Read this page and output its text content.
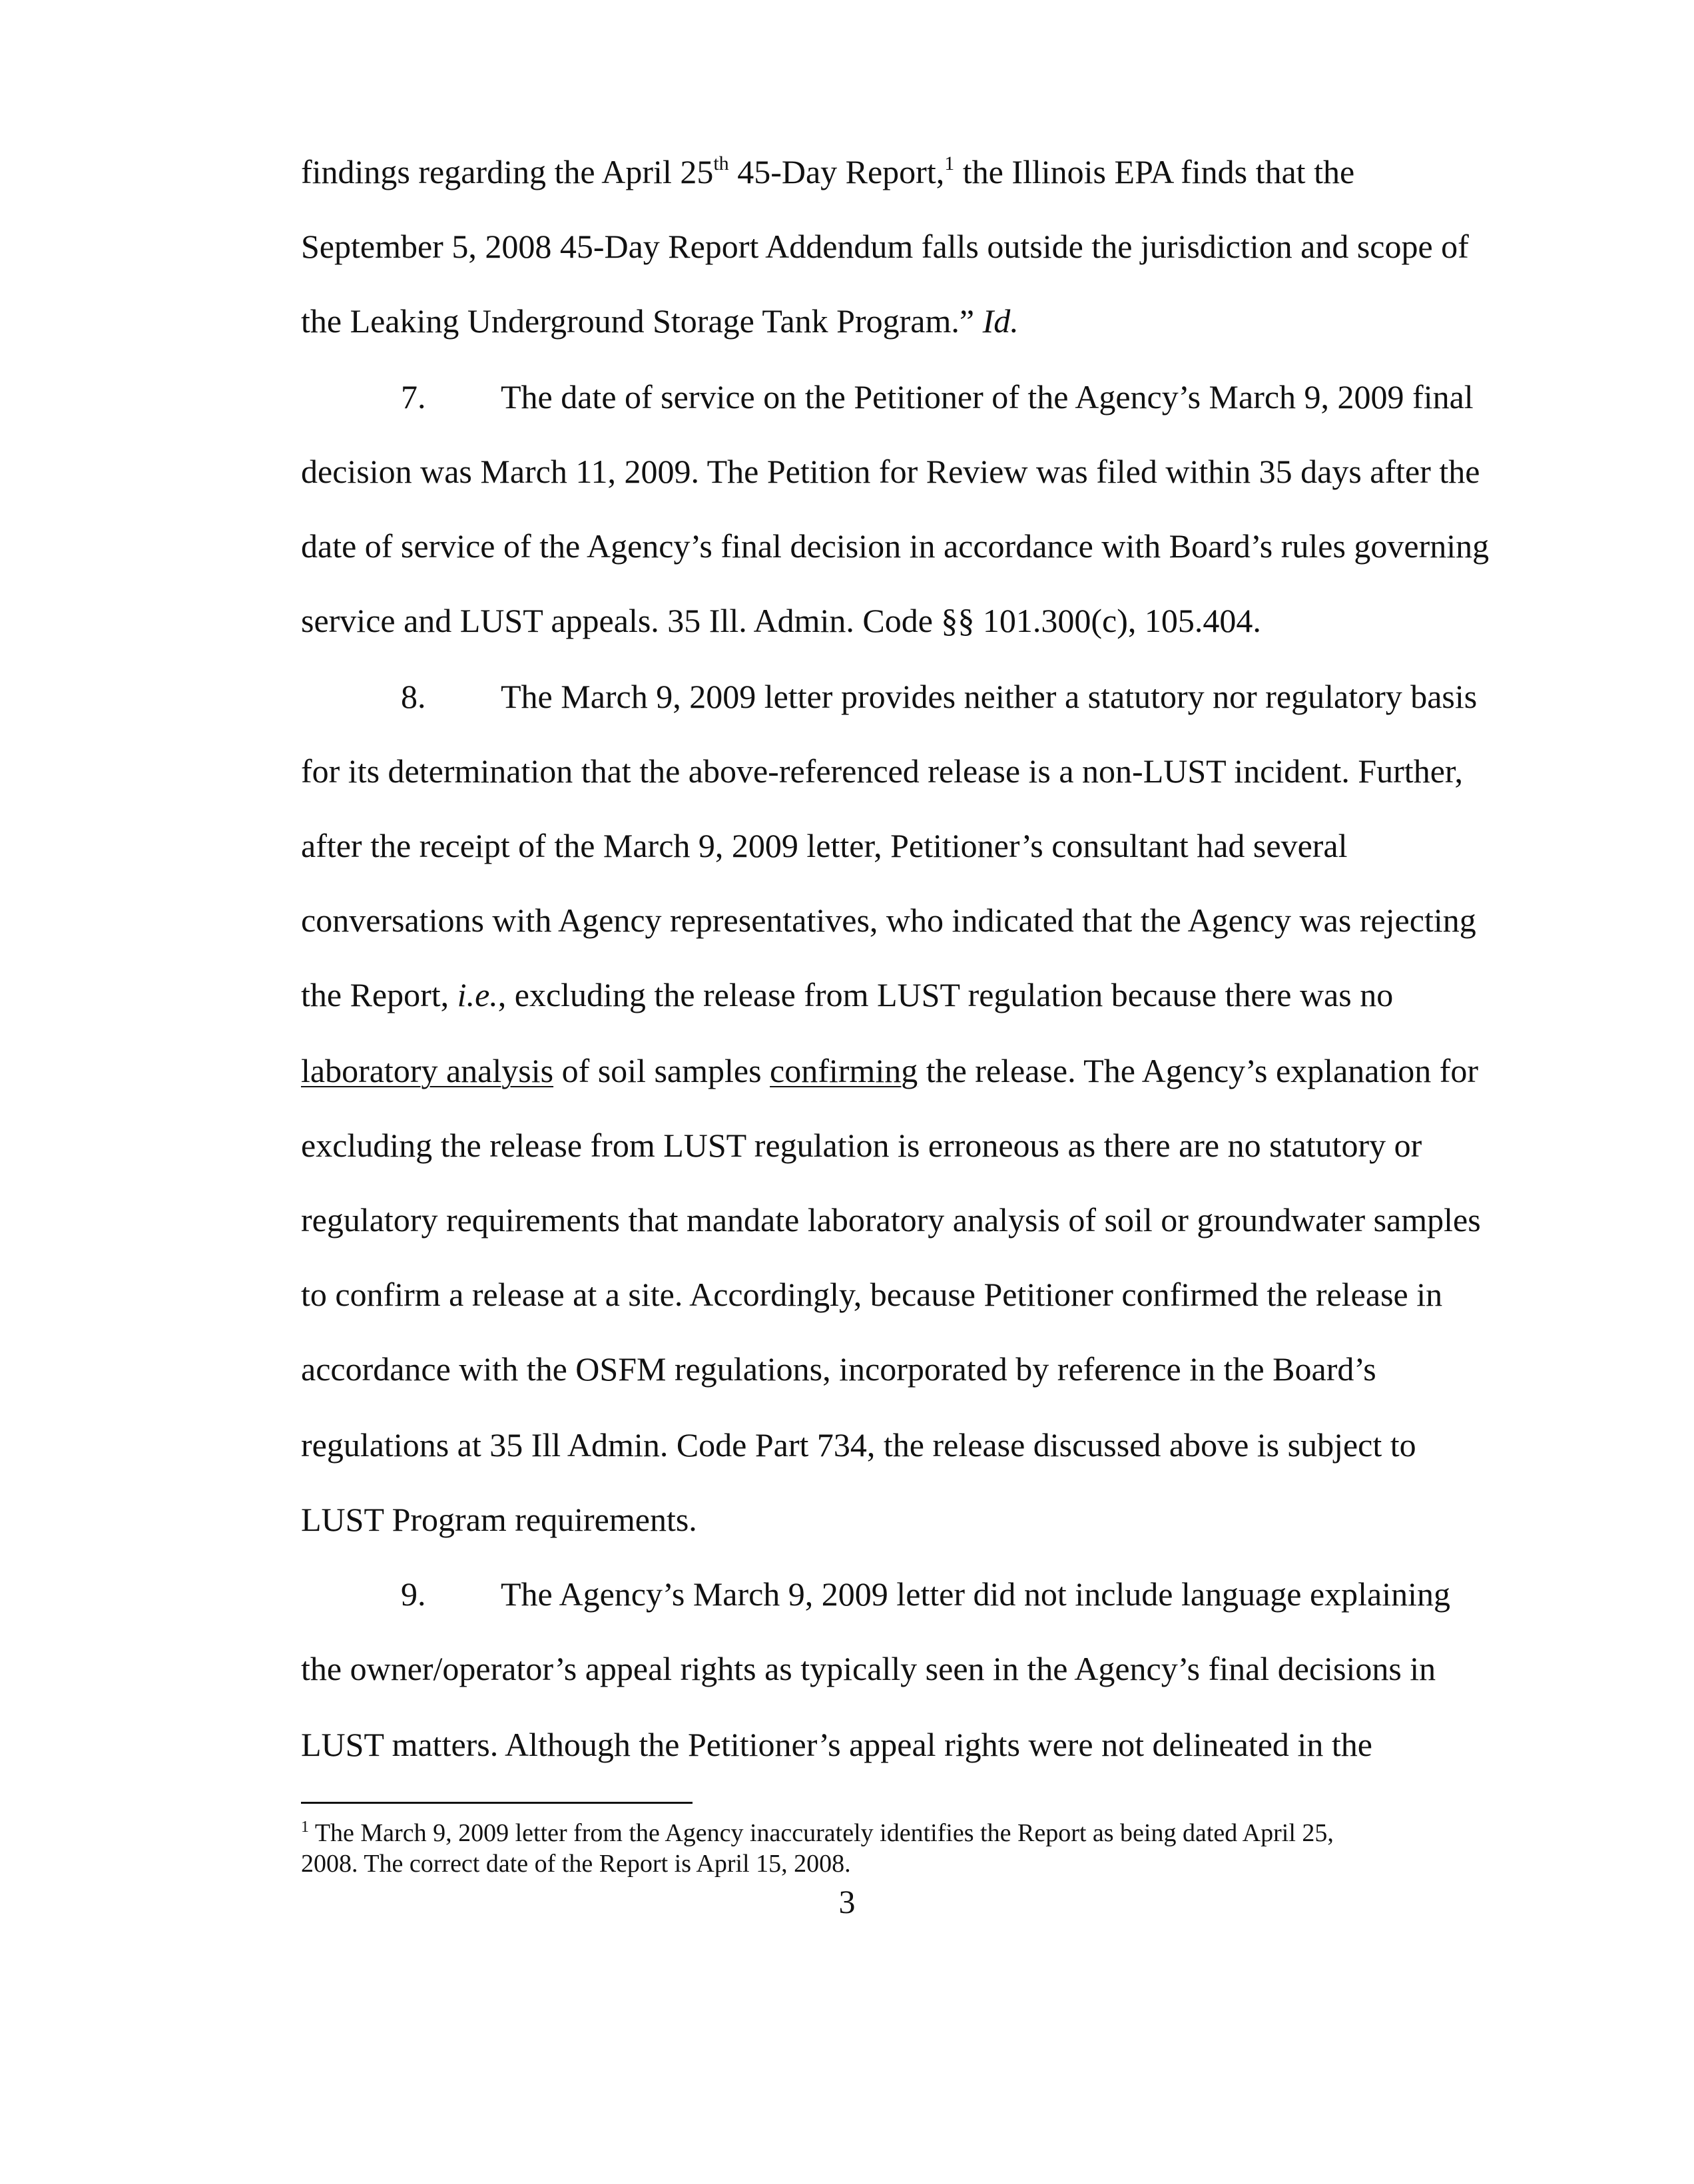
findings regarding the April 25th 45-Day Report,$^1$ the Illinois EPA finds that the

September 5, 2008 45-Day Report Addendum falls outside the jurisdiction and scope of

the Leaking Underground Storage Tank Program.” Id.

7. The date of service on the Petitioner of the Agency’s March 9, 2009 final

decision was March 11, 2009. The Petition for Review was filed within 35 days after the

date of service of the Agency’s final decision in accordance with Board’s rules governing

service and LUST appeals. 35 Ill. Admin. Code §§ 101.300(c), 105.404.

8. The March 9, 2009 letter provides neither a statutory nor regulatory basis

for its determination that the above-referenced release is a non-LUST incident. Further,

after the receipt of the March 9, 2009 letter, Petitioner’s consultant had several

conversations with Agency representatives, who indicated that the Agency was rejecting

the Report, i.e., excluding the release from LUST regulation because there was no

laboratory analysis of soil samples confirming the release. The Agency’s explanation for

excluding the release from LUST regulation is erroneous as there are no statutory or

regulatory requirements that mandate laboratory analysis of soil or groundwater samples

to confirm a release at a site. Accordingly, because Petitioner confirmed the release in

accordance with the OSFM regulations, incorporated by reference in the Board’s

regulations at 35 Ill Admin. Code Part 734, the release discussed above is subject to

LUST Program requirements.

9. The Agency’s March 9, 2009 letter did not include language explaining

the owner/operator’s appeal rights as typically seen in the Agency’s final decisions in

LUST matters. Although the Petitioner’s appeal rights were not delineated in the

$^1$ The March 9, 2009 letter from the Agency inaccurately identifies the Report as being dated April 25,

2008. The correct date of the Report is April 15, 2008.

3
